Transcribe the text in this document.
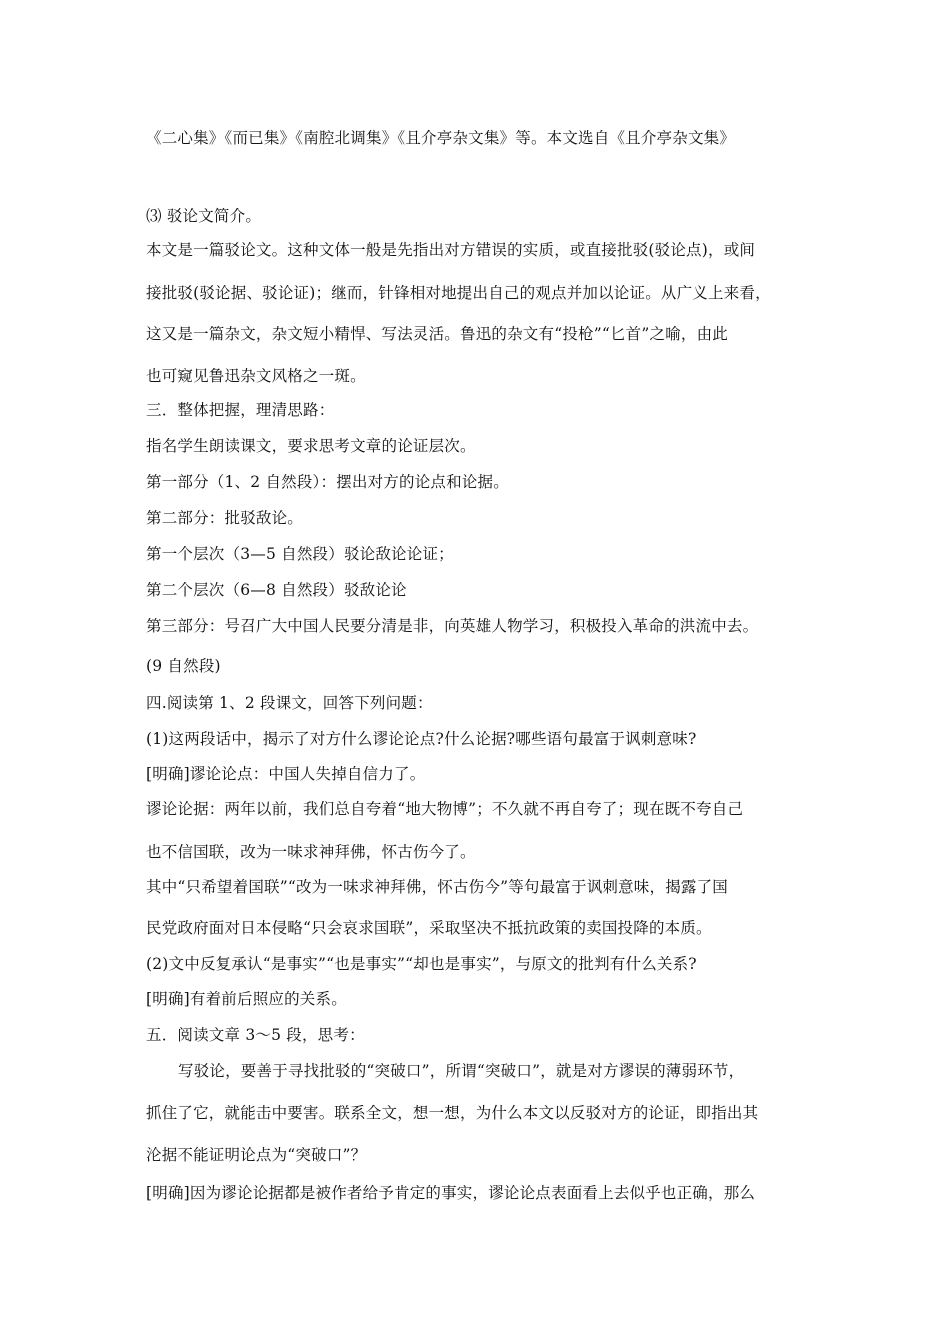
《二心集》《而已集》《南腔北调集》《且介亭杂文集》等。本文选自《且介亭杂文集》
⑶ 驳论文简介。
本文是一篇驳论文。这种文体一般是先指出对方错误的实质，或直接批驳(驳论点)，或间
接批驳(驳论据、驳论证)；继而，针锋相对地提出自己的观点并加以论证。从广义上来看，
这又是一篇杂文，杂文短小精悍、写法灵活。鲁迅的杂文有“投枪”“匕首”之喻，由此
也可窥见鲁迅杂文风格之一斑。
三．整体把握，理清思路：
指名学生朗读课文，要求思考文章的论证层次。
第一部分（1、2 自然段）：摆出对方的论点和论据。
第二部分：批驳敌论。
第一个层次（3—5 自然段）驳论敌论论证；
第二个层次（6—8 自然段）驳敌论论
第三部分：号召广大中国人民要分清是非，向英雄人物学习，积极投入革命的洪流中去。
(9 自然段)
四.阅读第 1、2 段课文，回答下列问题：
(1)这两段话中，揭示了对方什么谬论论点?什么论据?哪些语句最富于讽刺意味?
[明确]谬论论点：中国人失掉自信力了。
谬论论据：两年以前，我们总自夸着“地大物博”；不久就不再自夸了；现在既不夸自己
也不信国联，改为一味求神拜佛，怀古伤今了。
其中“只希望着国联”“改为一味求神拜佛，怀古伤今”等句最富于讽刺意味，揭露了国
民党政府面对日本侵略“只会哀求国联”，采取坚决不抵抗政策的卖国投降的本质。
(2)文中反复承认“是事实”“也是事实”“却也是事实”，与原文的批判有什么关系?
[明确]有着前后照应的关系。
五．阅读文章 3～5 段，思考：
写驳论，要善于寻找批驳的“突破口”，所谓“突破口”，就是对方谬误的薄弱环节，
抓住了它，就能击中要害。联系全文，想一想，为什么本文以反驳对方的论证，即指出其
沦据不能证明论点为“突破口”？
[明确]因为谬论论据都是被作者给予肯定的事实，谬论论点表面看上去似乎也正确，那么
